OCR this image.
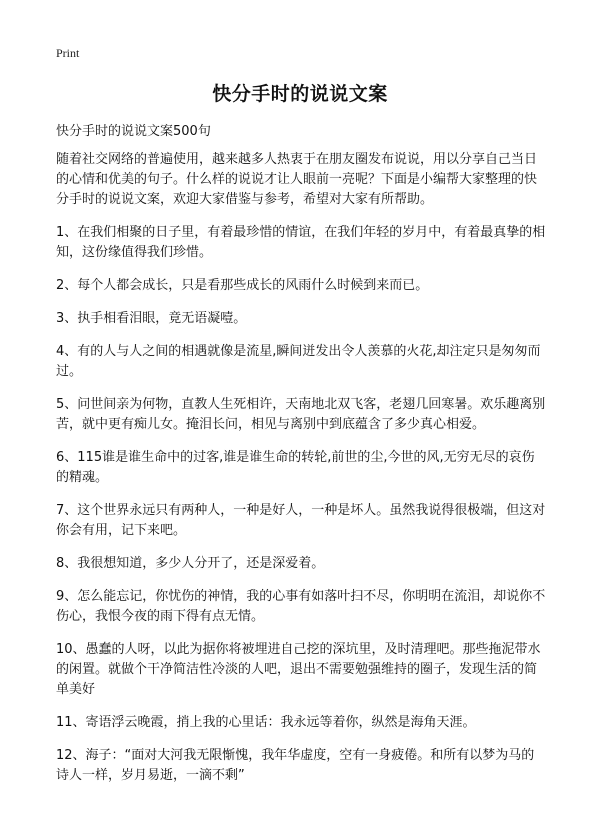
Print
快分手时的说说文案

快分手时的说说文案500句

随着社交网络的普遍使用，越来越多人热衷于在朋友圈发布说说，用以分享自己当日的心情和优美的句子。什么样的说说才让人眼前一亮呢？下面是小编帮大家整理的快分手时的说说文案，欢迎大家借鉴与参考，希望对大家有所帮助。

1、在我们相聚的日子里，有着最珍惜的情谊，在我们年轻的岁月中，有着最真挚的相知，这份缘值得我们珍惜。

2、每个人都会成长，只是看那些成长的风雨什么时候到来而已。

3、执手相看泪眼，竟无语凝噎。

4、有的人与人之间的相遇就像是流星,瞬间迸发出令人羡慕的火花,却注定只是匆匆而过。

5、问世间亲为何物，直教人生死相许，天南地北双飞客，老翅几回寒暑。欢乐趣离别苦，就中更有痴儿女。掩泪长问，相见与离别中到底蕴含了多少真心相爱。

6、115谁是谁生命中的过客,谁是谁生命的转轮,前世的尘,今世的风,无穷无尽的哀伤的精魂。

7、这个世界永远只有两种人，一种是好人，一种是坏人。虽然我说得很极端，但这对你会有用，记下来吧。

8、我很想知道，多少人分开了，还是深爱着。

9、怎么能忘记，你忧伤的神情，我的心事有如落叶扫不尽，你明明在流泪，却说你不伤心，我恨今夜的雨下得有点无情。

10、愚蠢的人呀，以此为据你将被埋进自己挖的深坑里，及时清理吧。那些拖泥带水的闲置。就做个干净简洁性冷淡的人吧，退出不需要勉强维持的圈子，发现生活的简单美好

11、寄语浮云晚霞，捎上我的心里话：我永远等着你，纵然是海角天涯。

12、海子：“面对大河我无限惭愧，我年华虚度，空有一身疲倦。和所有以梦为马的诗人一样，岁月易逝，一滴不剩”
